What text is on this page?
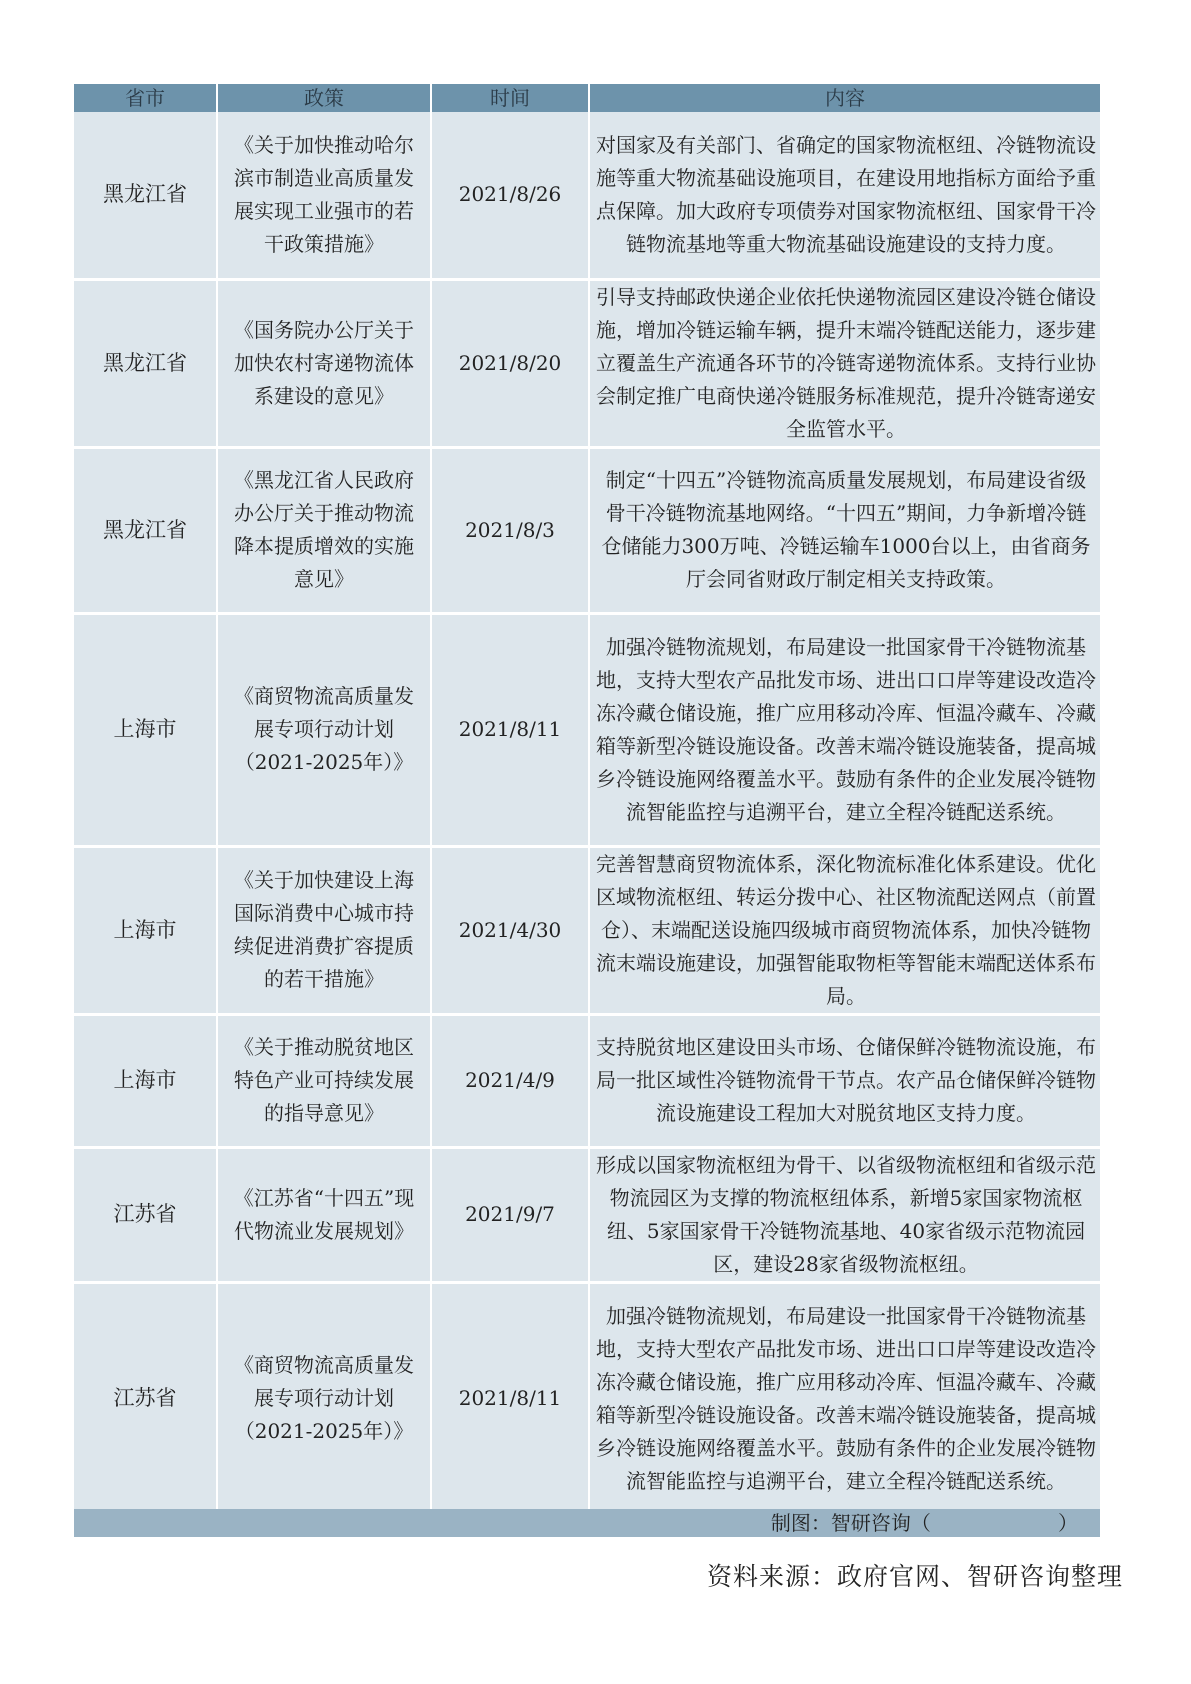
省市	政策	时间	内容
黑龙江省	《关于加快推动哈尔滨市制造业高质量发展实现工业强市的若干政策措施》	2021/8/26	对国家及有关部门、省确定的国家物流枢纽、冷链物流设施等重大物流基础设施项目，在建设用地指标方面给予重点保障。加大政府专项债券对国家物流枢纽、国家骨干冷链物流基地等重大物流基础设施建设的支持力度。
黑龙江省	《国务院办公厅关于加快农村寄递物流体系建设的意见》	2021/8/20	引导支持邮政快递企业依托快递物流园区建设冷链仓储设施，增加冷链运输车辆，提升末端冷链配送能力，逐步建立覆盖生产流通各环节的冷链寄递物流体系。支持行业协会制定推广电商快递冷链服务标准规范，提升冷链寄递安全监管水平。
黑龙江省	《黑龙江省人民政府办公厅关于推动物流降本提质增效的实施意见》	2021/8/3	制定“十四五”冷链物流高质量发展规划，布局建设省级骨干冷链物流基地网络。“十四五”期间，力争新增冷链仓储能力300万吨、冷链运输车1000台以上，由省商务厅会同省财政厅制定相关支持政策。
上海市	《商贸物流高质量发展专项行动计划（2021-2025年）》	2021/8/11	加强冷链物流规划，布局建设一批国家骨干冷链物流基地，支持大型农产品批发市场、进出口口岸等建设改造冷冻冷藏仓储设施，推广应用移动冷库、恒温冷藏车、冷藏箱等新型冷链设施设备。改善末端冷链设施装备，提高城乡冷链设施网络覆盖水平。鼓励有条件的企业发展冷链物流智能监控与追溯平台，建立全程冷链配送系统。
上海市	《关于加快建设上海国际消费中心城市持续促进消费扩容提质的若干措施》	2021/4/30	完善智慧商贸物流体系，深化物流标准化体系建设。优化区域物流枢纽、转运分拨中心、社区物流配送网点（前置仓）、末端配送设施四级城市商贸物流体系，加快冷链物流末端设施建设，加强智能取物柜等智能末端配送体系布局。
上海市	《关于推动脱贫地区特色产业可持续发展的指导意见》	2021/4/9	支持脱贫地区建设田头市场、仓储保鲜冷链物流设施，布局一批区域性冷链物流骨干节点。农产品仓储保鲜冷链物流设施建设工程加大对脱贫地区支持力度。
江苏省	《江苏省“十四五”现代物流业发展规划》	2021/9/7	形成以国家物流枢纽为骨干、以省级物流枢纽和省级示范物流园区为支撑的物流枢纽体系，新增5家国家物流枢纽、5家国家骨干冷链物流基地、40家省级示范物流园区，建设28家省级物流枢纽。
江苏省	《商贸物流高质量发展专项行动计划（2021-2025年）》	2021/8/11	加强冷链物流规划，布局建设一批国家骨干冷链物流基地，支持大型农产品批发市场、进出口口岸等建设改造冷冻冷藏仓储设施，推广应用移动冷库、恒温冷藏车、冷藏箱等新型冷链设施设备。改善末端冷链设施装备，提高城乡冷链设施网络覆盖水平。鼓励有条件的企业发展冷链物流智能监控与追溯平台，建立全程冷链配送系统。
制图：智研咨询（                    ）
资料来源：政府官网、智研咨询整理
